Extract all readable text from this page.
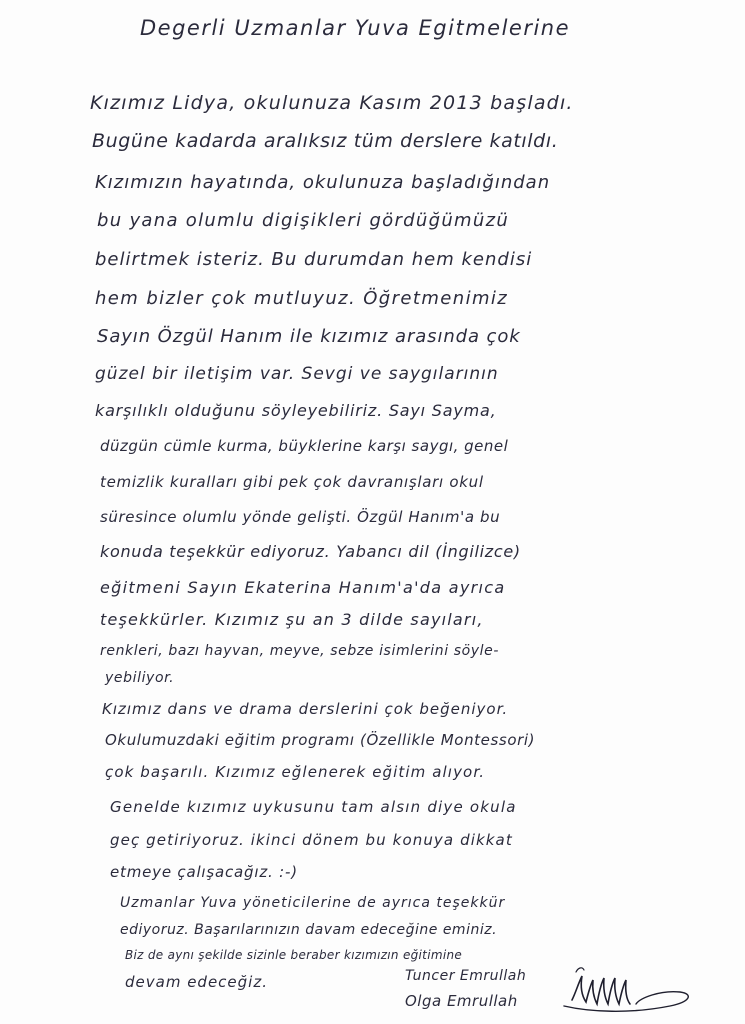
Degerli Uzmanlar Yuva Egitmelerine
Kızımız Lidya, okulunuza Kasım 2013 başladı.
Bugüne kadarda aralıksız tüm derslere katıldı.
Kızımızın hayatında, okulunuza başladığından
bu yana olumlu digişikleri gördüğümüzü
belirtmek isteriz. Bu durumdan hem kendisi
hem bizler çok mutluyuz. Öğretmenimiz
Sayın Özgül Hanım ile kızımız arasında çok
güzel bir iletişim var. Sevgi ve saygılarının
karşılıklı olduğunu söyleyebiliriz. Sayı Sayma,
düzgün cümle kurma, büyklerine karşı saygı, genel
temizlik kuralları gibi pek çok davranışları okul
süresince olumlu yönde gelişti. Özgül Hanım'a bu
konuda teşekkür ediyoruz. Yabancı dil (İngilizce)
eğitmeni Sayın Ekaterina Hanım'a'da ayrıca
teşekkürler. Kızımız şu an 3 dilde sayıları,
renkleri, bazı hayvan, meyve, sebze isimlerini söyle-
yebiliyor.
Kızımız dans ve drama derslerini çok beğeniyor.
Okulumuzdaki eğitim programı (Özellikle Montessori)
çok başarılı. Kızımız eğlenerek eğitim alıyor.
Genelde kızımız uykusunu tam alsın diye okula
geç getiriyoruz. ikinci dönem bu konuya dikkat
etmeye çalışacağız. :-)
Uzmanlar Yuva yöneticilerine de ayrıca teşekkür
ediyoruz. Başarılarınızın davam edeceğine eminiz.
Biz de aynı şekilde sizinle beraber kızımızın eğitimine
devam edeceğiz.	Tuncer Emrullah
Olga Emrullah
